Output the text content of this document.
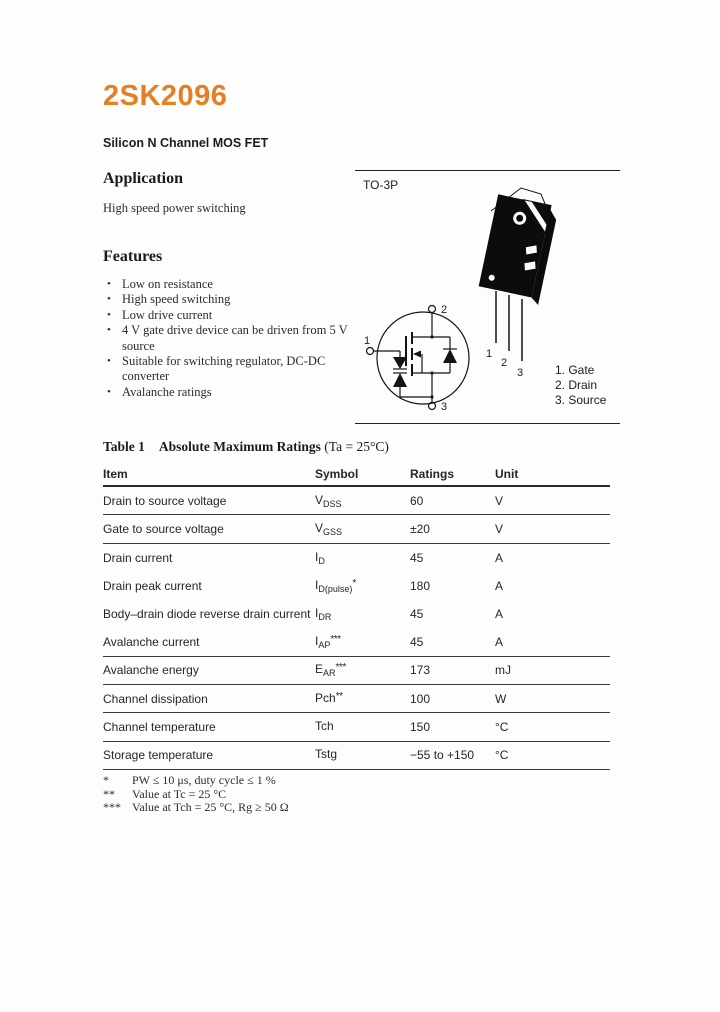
2SK2096
Silicon N Channel MOS FET
Application
High speed power switching
Features
• Low on resistance
• High speed switching
• Low drive current
• 4 V gate drive device can be driven from 5 V source
• Suitable for switching regulator, DC-DC converter
• Avalanche ratings
TO-3P
1
2
3
1
2
3
1. Gate
2. Drain
3. Source
Table 1 Absolute Maximum Ratings (Ta = 25°C)
Item	Symbol	Ratings	Unit
Drain to source voltage	$V_{DSS}$	60	V
Gate to source voltage	$V_{GSS}$	±20	V
Drain current	$I_D$	45	A
Drain peak current	$I_{D(pulse)}^*$	180	A
Body–drain diode reverse drain current $I_{DR}$	45	A
Avalanche current	$I_{AP}^{***}$	45	A
Avalanche energy	$E_{AR}^{***}$	173	mJ
Channel dissipation	Pch**	100	W
Channel temperature	Tch	150	°C
Storage temperature	Tstg	−55 to +150	°C
*	PW ≤ 10 μs, duty cycle ≤ 1 %
**	Value at Tc = 25 °C
*** Value at Tch = 25 °C, Rg ≥ 50 Ω
